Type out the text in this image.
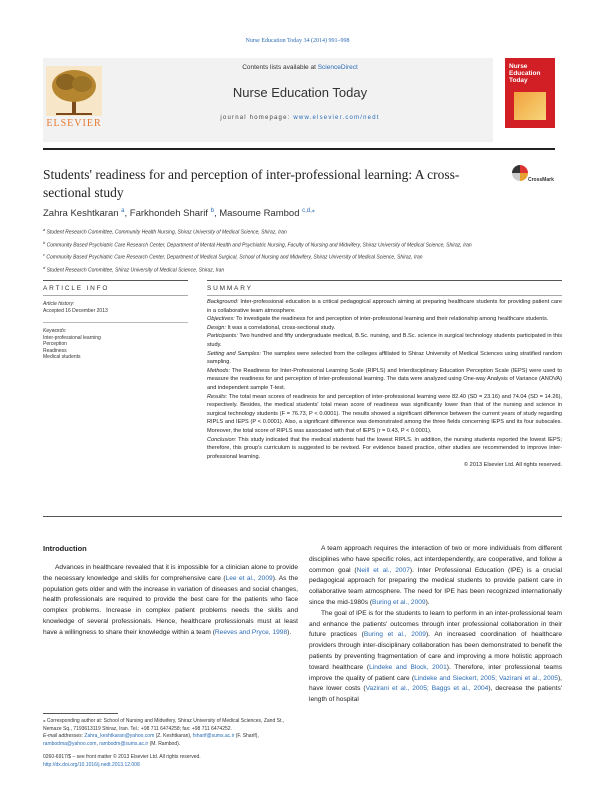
Nurse Education Today 34 (2014) 991–998
ELSEVIER
Contents lists available at ScienceDirect
Nurse Education Today
journal homepage: www.elsevier.com/nedt
Nurse Education Today
Students' readiness for and perception of inter-professional learning: A cross-sectional study
CrossMark
Zahra Keshtkaran $^a$, Farkhondeh Sharif $^b$, Masoume Rambod $^{c,d,⁎}$
$^a$ Student Research Committee, Community Health Nursing, Shiraz University of Medical Science, Shiraz, Iran
$^b$ Community Based Psychiatric Care Research Center, Department of Mental Health and Psychiatric Nursing, Faculty of Nursing and Midwifery, Shiraz University of Medical Science, Shiraz, Iran
$^c$ Community Based Psychiatric Care Research Center, Department of Medical Surgical, School of Nursing and Midwifery, Shiraz University of Medical Science, Shiraz, Iran
$^d$ Student Research Committee, Shiraz University of Medical Science, Shiraz, Iran
ARTICLE INFO	SUMMARY
Article history:
Accepted 16 December 2013
Keywords:
Inter-professional learning
Perception
Readiness
Medical students

Background: Inter-professional education is a critical pedagogical approach aiming at preparing healthcare students for providing patient care in a collaborative team atmosphere.

Objectives: To investigate the readiness for and perception of inter-professional learning and their relationship among healthcare students.

Design: It was a correlational, cross-sectional study.

Participants: Two hundred and fifty undergraduate medical, B.Sc. nursing, and B.Sc. science in surgical technology students participated in this study.

Setting and Samples: The samples were selected from the colleges affiliated to Shiraz University of Medical Sciences using stratified random sampling.

Methods: The Readiness for Inter-Professional Learning Scale (RIPLS) and Interdisciplinary Education Perception Scale (IEPS) were used to measure the readiness for and perception of inter-professional learning. The data were analyzed using One-way Analysis of Variance (ANOVA) and independent sample T-test.

Results: The total mean scores of readiness for and perception of inter-professional learning were 82.40 (SD = 23.16) and 74.04 (SD = 14.26), respectively. Besides, the medical students' total mean score of readiness was significantly lower than that of the nursing and science in surgical technology students (F = 76.73, P < 0.0001). The results showed a significant difference between the current years of study regarding RIPLS and IEPS (P < 0.0001). Also, a significant difference was demonstrated among the three fields concerning IEPS and its four subscales. Moreover, the total score of RIPLS was associated with that of IEPS (r = 0.43, P < 0.0001).

Conclusion: This study indicated that the medical students had the lowest RIPLS. In addition, the nursing students reported the lowest IEPS; therefore, this group's curriculum is suggested to be revised. For evidence based practice, other studies are recommended to improve inter-professional learning.

© 2013 Elsevier Ltd. All rights reserved.

Introduction

Advances in healthcare revealed that it is impossible for a clinician alone to provide the necessary knowledge and skills for comprehensive care (Lee et al., 2009). As the population gets older and with the increase in variation of diseases and social changes, health professionals are required to provide the best care for the patients who face complex problems. Increase in complex patient problems needs the skills and knowledge of several professionals. Hence, healthcare professionals must at least have a willingness to share their knowledge within a team (Reeves and Pryce, 1998).

A team approach requires the interaction of two or more individuals from different disciplines who have specific roles, act interdependently, are cooperative, and follow a common goal (Neill et al., 2007). Inter Professional Education (IPE) is a crucial pedagogical approach for preparing the medical students to provide patient care in collaborative team atmosphere. The need for IPE has been recognized internationally since the mid-1980s (Buring et al., 2009).

The goal of IPE is for the students to learn to perform in an inter-professional team and enhance the patients' outcomes through inter professional collaboration in their future practices (Buring et al., 2009). An increased coordination of healthcare providers through inter-disciplinary collaboration has been demonstrated to benefit the patients by preventing fragmentation of care and improving a more holistic approach toward healthcare (Lindeke and Block, 2001). Therefore, inter professional teams improve the quality of patient care (Lindeke and Sieckert, 2005; Vazirani et al., 2005), have lower costs (Vazirani et al., 2005; Baggs et al., 2004), decrease the patients' length of hospital

⁎ Corresponding author at: School of Nursing and Midwifery, Shiraz University of Medical Sciences, Zand St., Nemaze Sq., 7193613119 Shiraz, Iran. Tel.: +98 711 6474258; fax: +98 711 6474252.
E-mail addresses: Zahra_keshtkaran@yahoo.com (Z. Keshtkaran), fsharif@sums.ac.ir (F. Sharif), rambodma@yahoo.com, rambodm@sums.ac.ir (M. Rambod).
0260-6917/$ – see front matter © 2013 Elsevier Ltd. All rights reserved.
http://dx.doi.org/10.1016/j.nedt.2013.12.008
